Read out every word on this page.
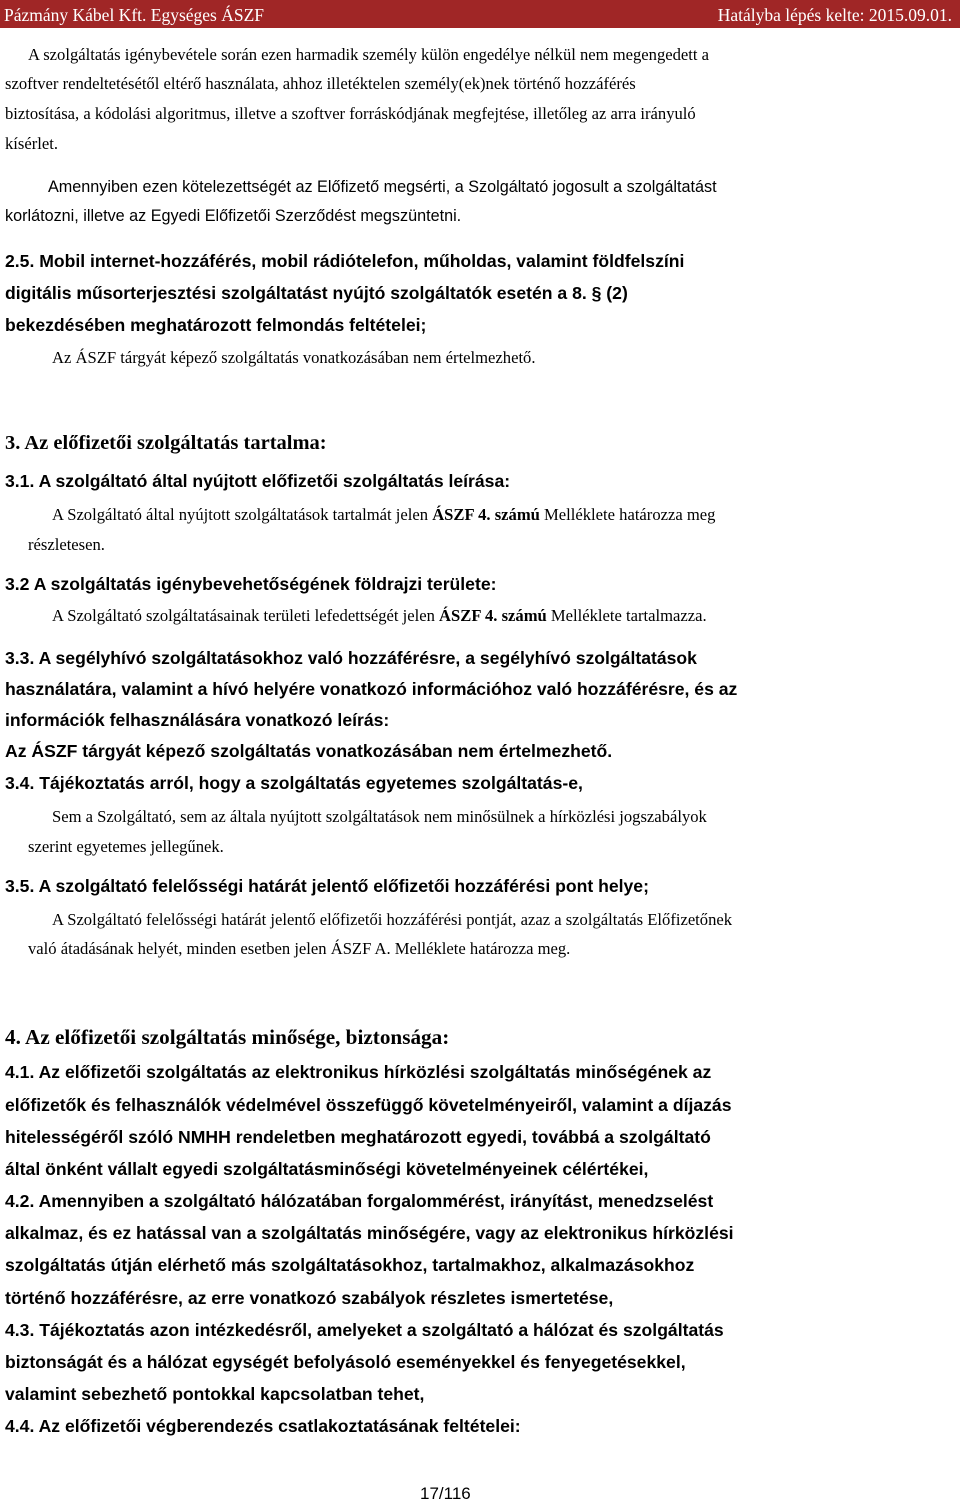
Pázmány Kábel Kft. Egységes ÁSZF	Hatályba lépés kelte: 2015.09.01.
A szolgáltatás igénybevétele során ezen harmadik személy külön engedélye nélkül nem megengedett a
szoftver rendeltetésétől eltérő használata, ahhoz illetéktelen személy(ek)nek történő hozzáférés
biztosítása, a kódolási algoritmus, illetve a szoftver forráskódjának megfejtése, illetőleg az arra irányuló
kísérlet.
Amennyiben ezen kötelezettségét az Előfizető megsérti, a Szolgáltató jogosult a szolgáltatást
korlátozni, illetve az Egyedi Előfizetői Szerződést megszüntetni.
2.5. Mobil internet-hozzáférés, mobil rádiótelefon, műholdas, valamint földfelszíni
digitális műsorterjesztési szolgáltatást nyújtó szolgáltatók esetén a 8. § (2)
bekezdésében meghatározott felmondás feltételei;
Az ÁSZF tárgyát képező szolgáltatás vonatkozásában nem értelmezhető.
3. Az előfizetői szolgáltatás tartalma:
3.1. A szolgáltató által nyújtott előfizetői szolgáltatás leírása:
A Szolgáltató által nyújtott szolgáltatások tartalmát jelen ÁSZF 4. számú Melléklete határozza meg
részletesen.
3.2 A szolgáltatás igénybevehetőségének földrajzi területe:
A Szolgáltató szolgáltatásainak területi lefedettségét jelen ÁSZF 4. számú Melléklete tartalmazza.
3.3. A segélyhívó szolgáltatásokhoz való hozzáférésre, a segélyhívó szolgáltatások
használatára, valamint a hívó helyére vonatkozó információhoz való hozzáférésre, és az
információk felhasználására vonatkozó leírás:
Az ÁSZF tárgyát képező szolgáltatás vonatkozásában nem értelmezhető.
3.4. Tájékoztatás arról, hogy a szolgáltatás egyetemes szolgáltatás-e,
Sem a Szolgáltató, sem az általa nyújtott szolgáltatások nem minősülnek a hírközlési jogszabályok
szerint egyetemes jellegűnek.
3.5. A szolgáltató felelősségi határát jelentő előfizetői hozzáférési pont helye;
A Szolgáltató felelősségi határát jelentő előfizetői hozzáférési pontját, azaz a szolgáltatás Előfizetőnek
való átadásának helyét, minden esetben jelen ÁSZF A. Melléklete határozza meg.
4. Az előfizetői szolgáltatás minősége, biztonsága:
4.1. Az előfizetői szolgáltatás az elektronikus hírközlési szolgáltatás minőségének az
előfizetők és felhasználók védelmével összefüggő követelményeiről, valamint a díjazás
hitelességéről szóló NMHH rendeletben meghatározott egyedi, továbbá a szolgáltató
által önként vállalt egyedi szolgáltatásminőségi követelményeinek célértékei,
4.2. Amennyiben a szolgáltató hálózatában forgalommérést, irányítást, menedzselést
alkalmaz, és ez hatással van a szolgáltatás minőségére, vagy az elektronikus hírközlési
szolgáltatás útján elérhető más szolgáltatásokhoz, tartalmakhoz, alkalmazásokhoz
történő hozzáférésre, az erre vonatkozó szabályok részletes ismertetése,
4.3. Tájékoztatás azon intézkedésről, amelyeket a szolgáltató a hálózat és szolgáltatás
biztonságát és a hálózat egységét befolyásoló eseményekkel és fenyegetésekkel,
valamint sebezhető pontokkal kapcsolatban tehet,
4.4. Az előfizetői végberendezés csatlakoztatásának feltételei:
17/116
